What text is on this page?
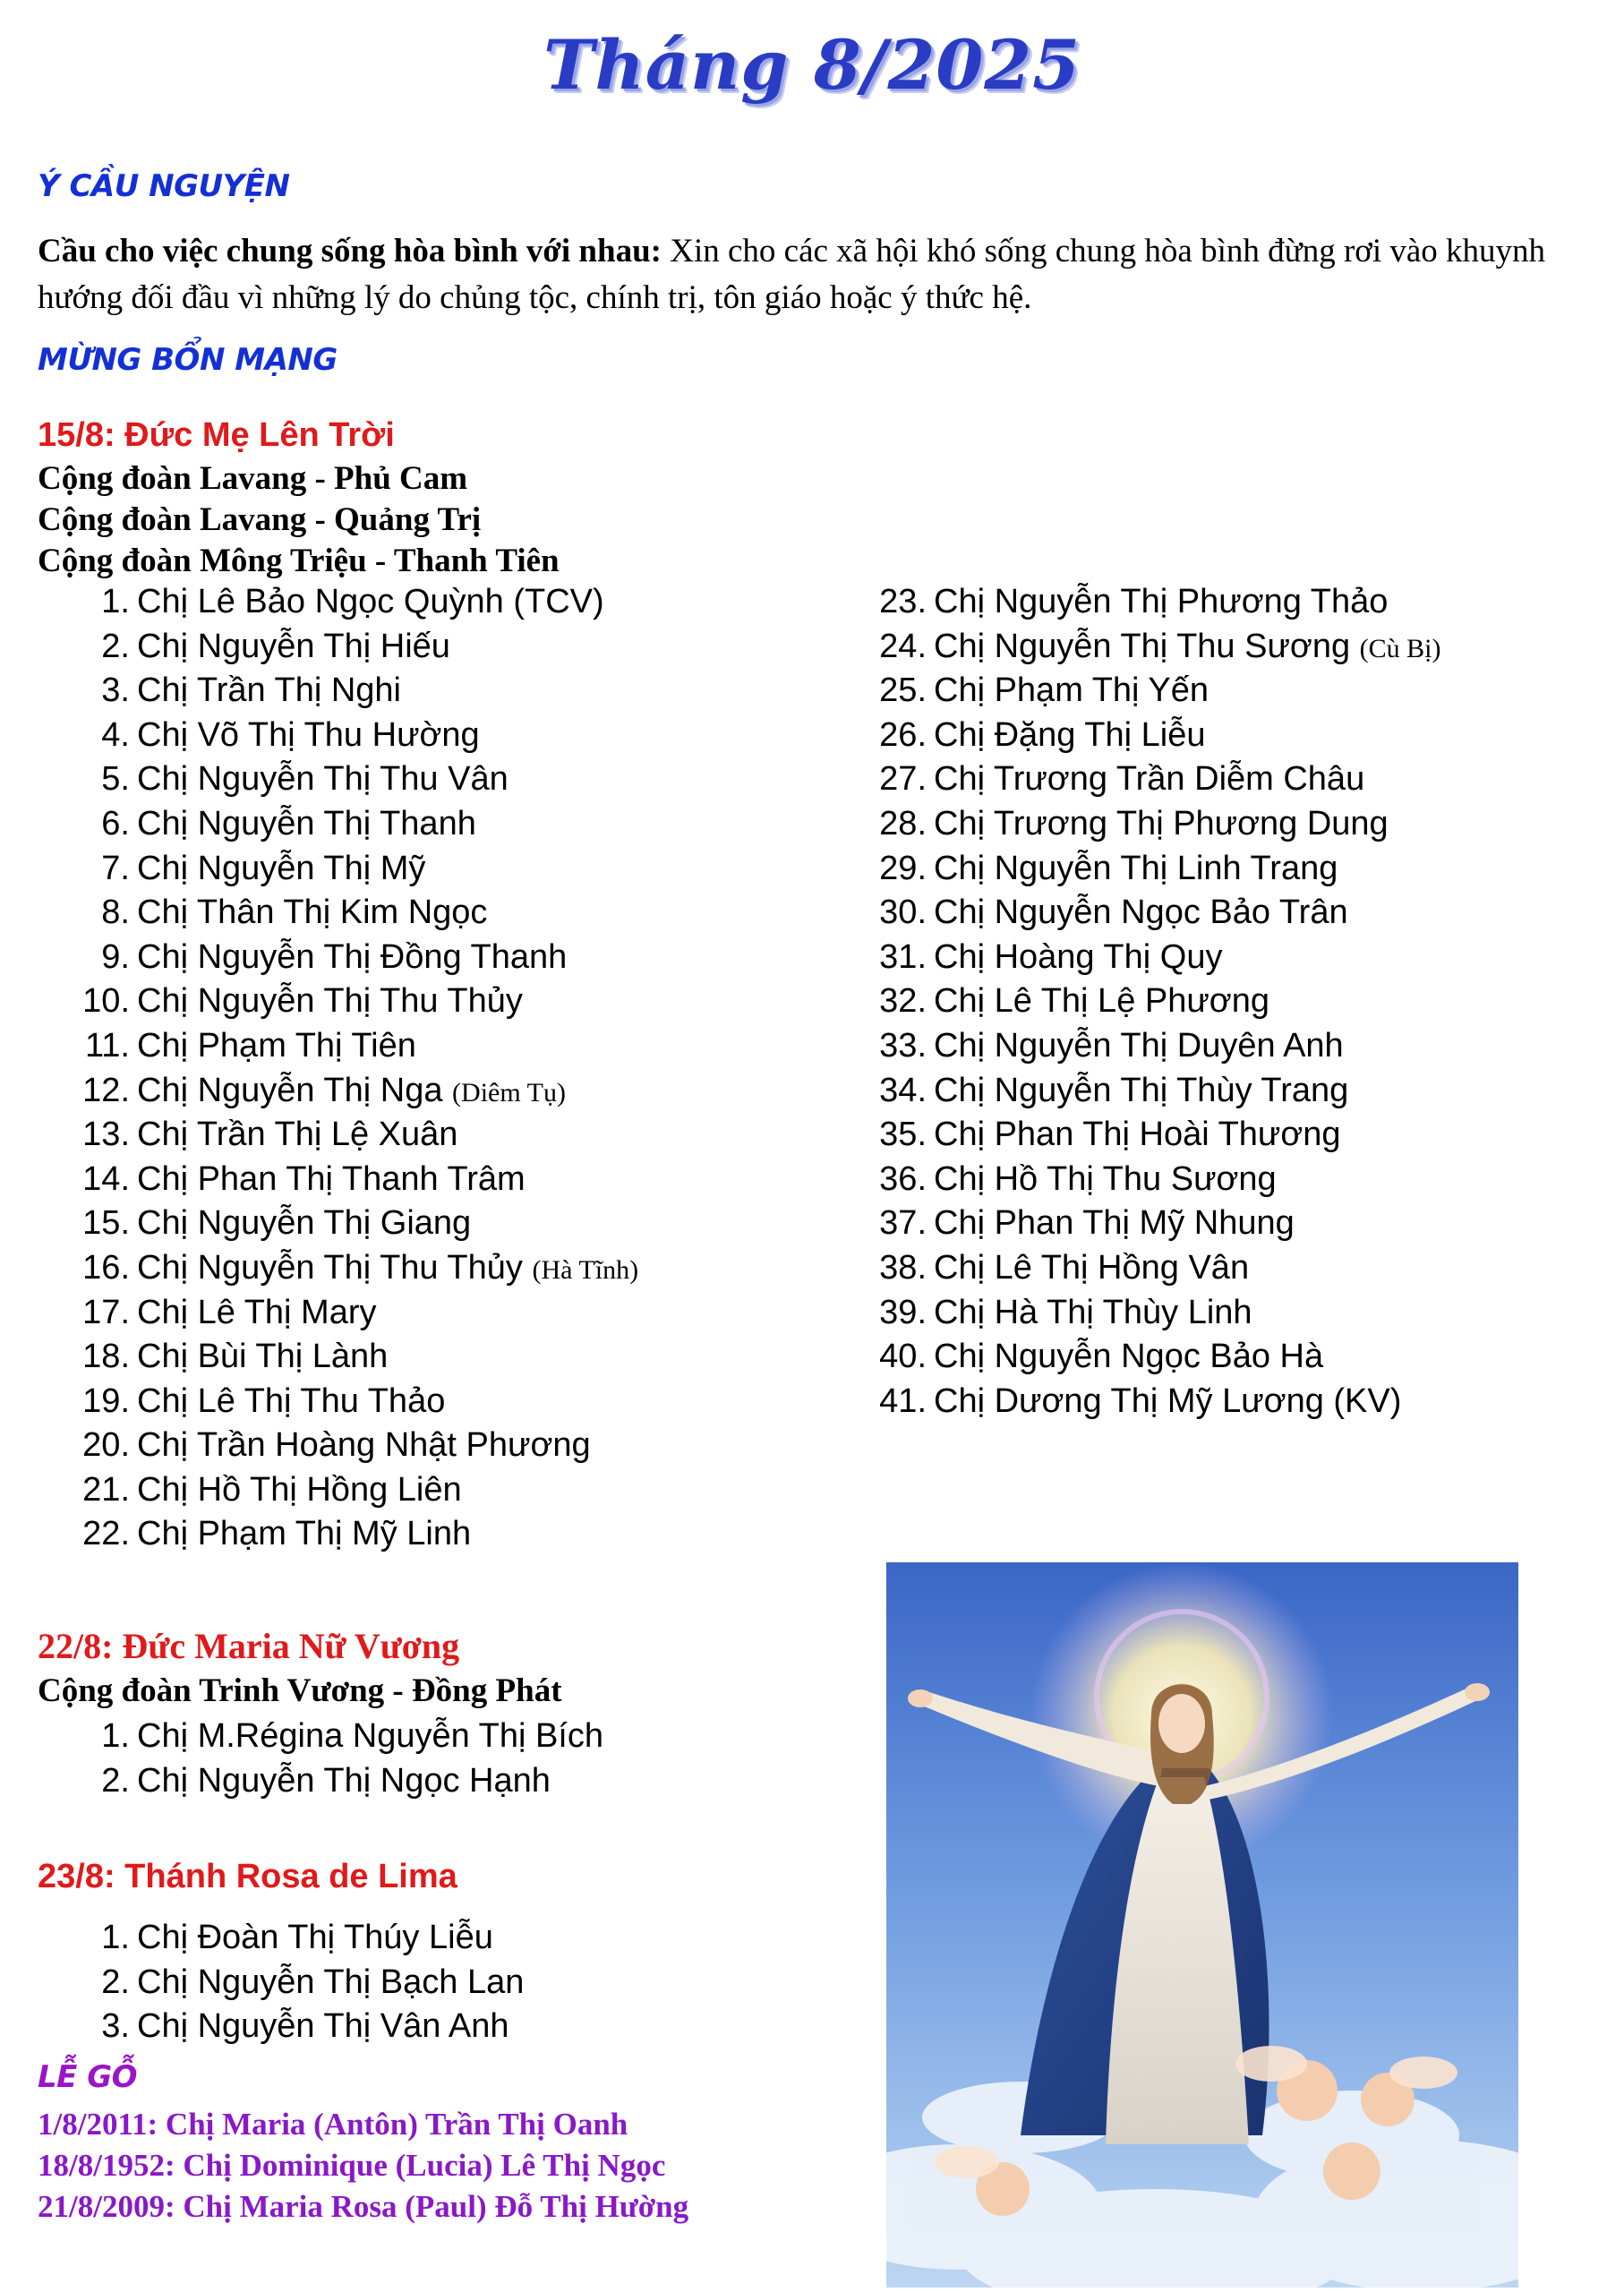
Tháng 8/2025
Ý CẦU NGUYỆN
Cầu cho việc chung sống hòa bình với nhau: Xin cho các xã hội khó sống chung hòa bình đừng rơi vào khuynh hướng đối đầu vì những lý do chủng tộc, chính trị, tôn giáo hoặc ý thức hệ.
MỪNG BỔN MẠNG
15/8: Đức Mẹ Lên Trời
Cộng đoàn Lavang - Phủ Cam
Cộng đoàn Lavang - Quảng Trị
Cộng đoàn Mông Triệu - Thanh Tiên
1. Chị Lê Bảo Ngọc Quỳnh (TCV)
2. Chị Nguyễn Thị Hiếu
3. Chị Trần Thị Nghi
4. Chị Võ Thị Thu Hường
5. Chị Nguyễn Thị Thu Vân
6. Chị Nguyễn Thị Thanh
7. Chị Nguyễn Thị Mỹ
8. Chị Thân Thị Kim Ngọc
9. Chị Nguyễn Thị Đồng Thanh
10. Chị Nguyễn Thị Thu Thủy
11. Chị Phạm Thị Tiên
12. Chị Nguyễn Thị Nga (Diêm Tụ)
13. Chị Trần Thị Lệ Xuân
14. Chị Phan Thị Thanh Trâm
15. Chị Nguyễn Thị Giang
16. Chị Nguyễn Thị Thu Thủy (Hà Tĩnh)
17. Chị Lê Thị Mary
18. Chị Bùi Thị Lành
19. Chị Lê Thị Thu Thảo
20. Chị Trần Hoàng Nhật Phương
21. Chị Hồ Thị Hồng Liên
22. Chị Phạm Thị Mỹ Linh
23. Chị Nguyễn Thị Phương Thảo
24. Chị Nguyễn Thị Thu Sương (Cù Bị)
25. Chị Phạm Thị Yến
26. Chị Đặng Thị Liễu
27. Chị Trương Trần Diễm Châu
28. Chị Trương Thị Phương Dung
29. Chị Nguyễn Thị Linh Trang
30. Chị Nguyễn Ngọc Bảo Trân
31. Chị Hoàng Thị Quy
32. Chị Lê Thị Lệ Phương
33. Chị Nguyễn Thị Duyên Anh
34. Chị Nguyễn Thị Thùy Trang
35. Chị Phan Thị Hoài Thương
36. Chị Hồ Thị Thu Sương
37. Chị Phan Thị Mỹ Nhung
38. Chị Lê Thị Hồng Vân
39. Chị Hà Thị Thùy Linh
40. Chị Nguyễn Ngọc Bảo Hà
41. Chị Dương Thị Mỹ Lương (KV)
22/8: Đức Maria Nữ Vương
Cộng đoàn Trinh Vương - Đồng Phát
1. Chị M.Régina Nguyễn Thị Bích
2. Chị Nguyễn Thị Ngọc Hạnh
23/8: Thánh Rosa de Lima
1. Chị Đoàn Thị Thúy Liễu
2. Chị Nguyễn Thị Bạch Lan
3. Chị Nguyễn Thị Vân Anh
LỄ GỖ
1/8/2011: Chị Maria (Antôn) Trần Thị Oanh
18/8/1952: Chị Dominique (Lucia) Lê Thị Ngọc
21/8/2009: Chị Maria Rosa (Paul) Đỗ Thị Hường
